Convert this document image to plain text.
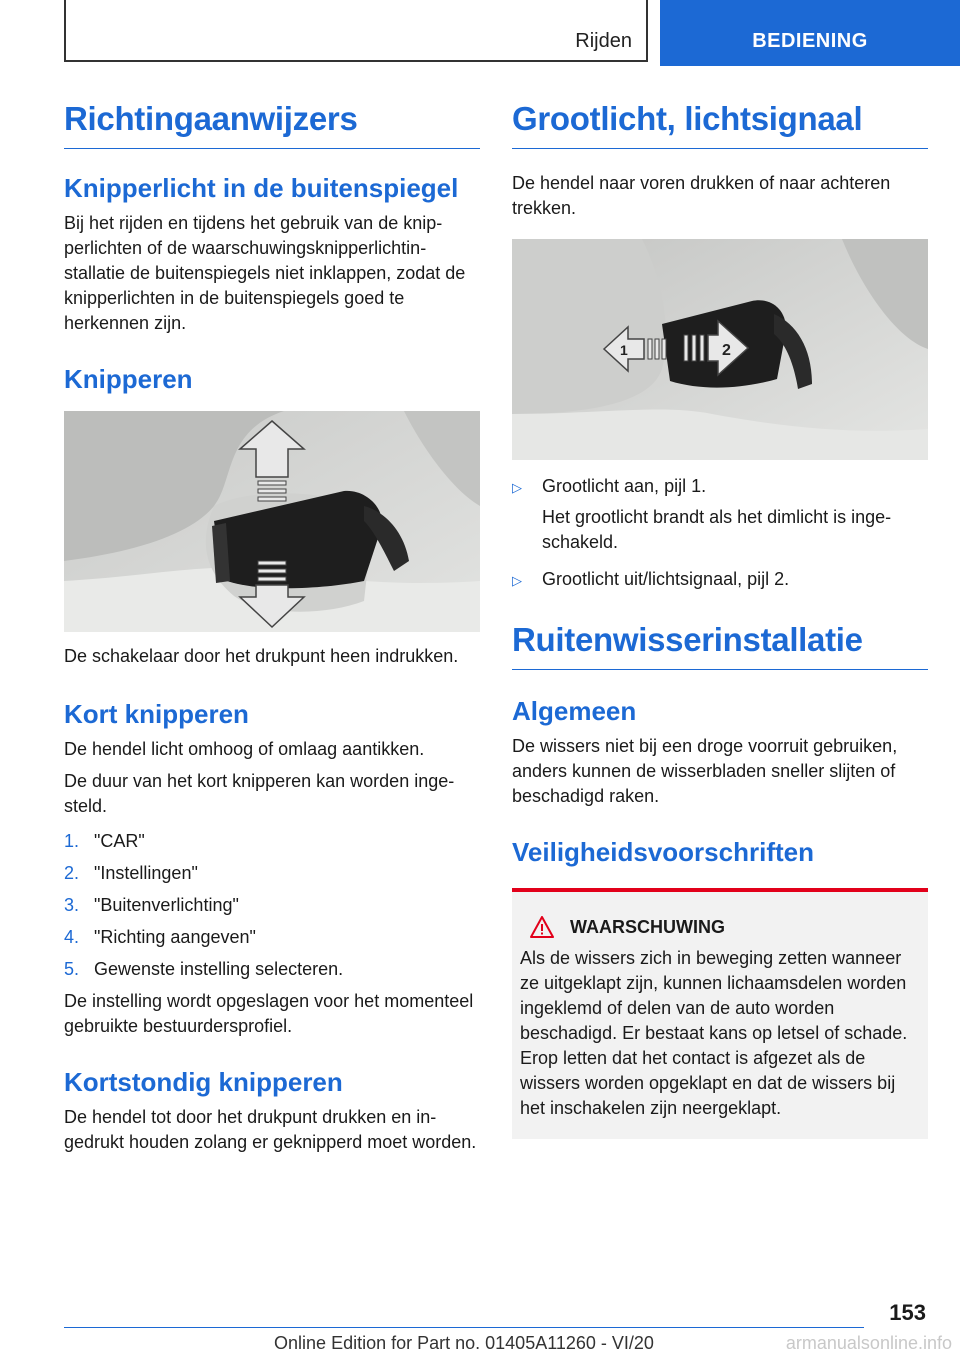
Rijden	BEDIENING
Richtingaanwijzers
Knipperlicht in de buitenspiegel

Bij het rijden en tijdens het gebruik van de knipperlichten of de waarschuwingsknipperlichtinstallatie de buitenspiegels niet inklappen, zodat de knipperlichten in de buitenspiegels goed te herkennen zijn.

Knipperen

De schakelaar door het drukpunt heen indrukken.

Kort knipperen

De hendel licht omhoog of omlaag aantikken.

De duur van het kort knipperen kan worden ingesteld.

1. "CAR"
2. "Instellingen"
3. "Buitenverlichting"
4. "Richting aangeven"
5. Gewenste instelling selecteren.

De instelling wordt opgeslagen voor het momenteel gebruikte bestuurdersprofiel.

Kortstondig knipperen

De hendel tot door het drukpunt drukken en ingedrukt houden zolang er geknipperd moet worden.

Grootlicht, lichtsignaal

De hendel naar voren drukken of naar achteren trekken.

1	2
▷	Grootlicht aan, pijl 1.
Het grootlicht brandt als het dimlicht is ingeschakeld.
▷	Grootlicht uit/lichtsignaal, pijl 2.
Ruitenwisserinstallatie
Algemeen

De wissers niet bij een droge voorruit gebruiken, anders kunnen de wisserbladen sneller slijten of beschadigd raken.

Veiligheidsvoorschriften
WAARSCHUWING

Als de wissers zich in beweging zetten wanneer ze uitgeklapt zijn, kunnen lichaamsdelen worden ingeklemd of delen van de auto worden beschadigd. Er bestaat kans op letsel of schade. Erop letten dat het contact is afgezet als de wissers worden opgeklapt en dat de wissers bij het inschakelen zijn neergeklapt.

153
Online Edition for Part no. 01405A11260 - VI/20	armanualsonline.info
